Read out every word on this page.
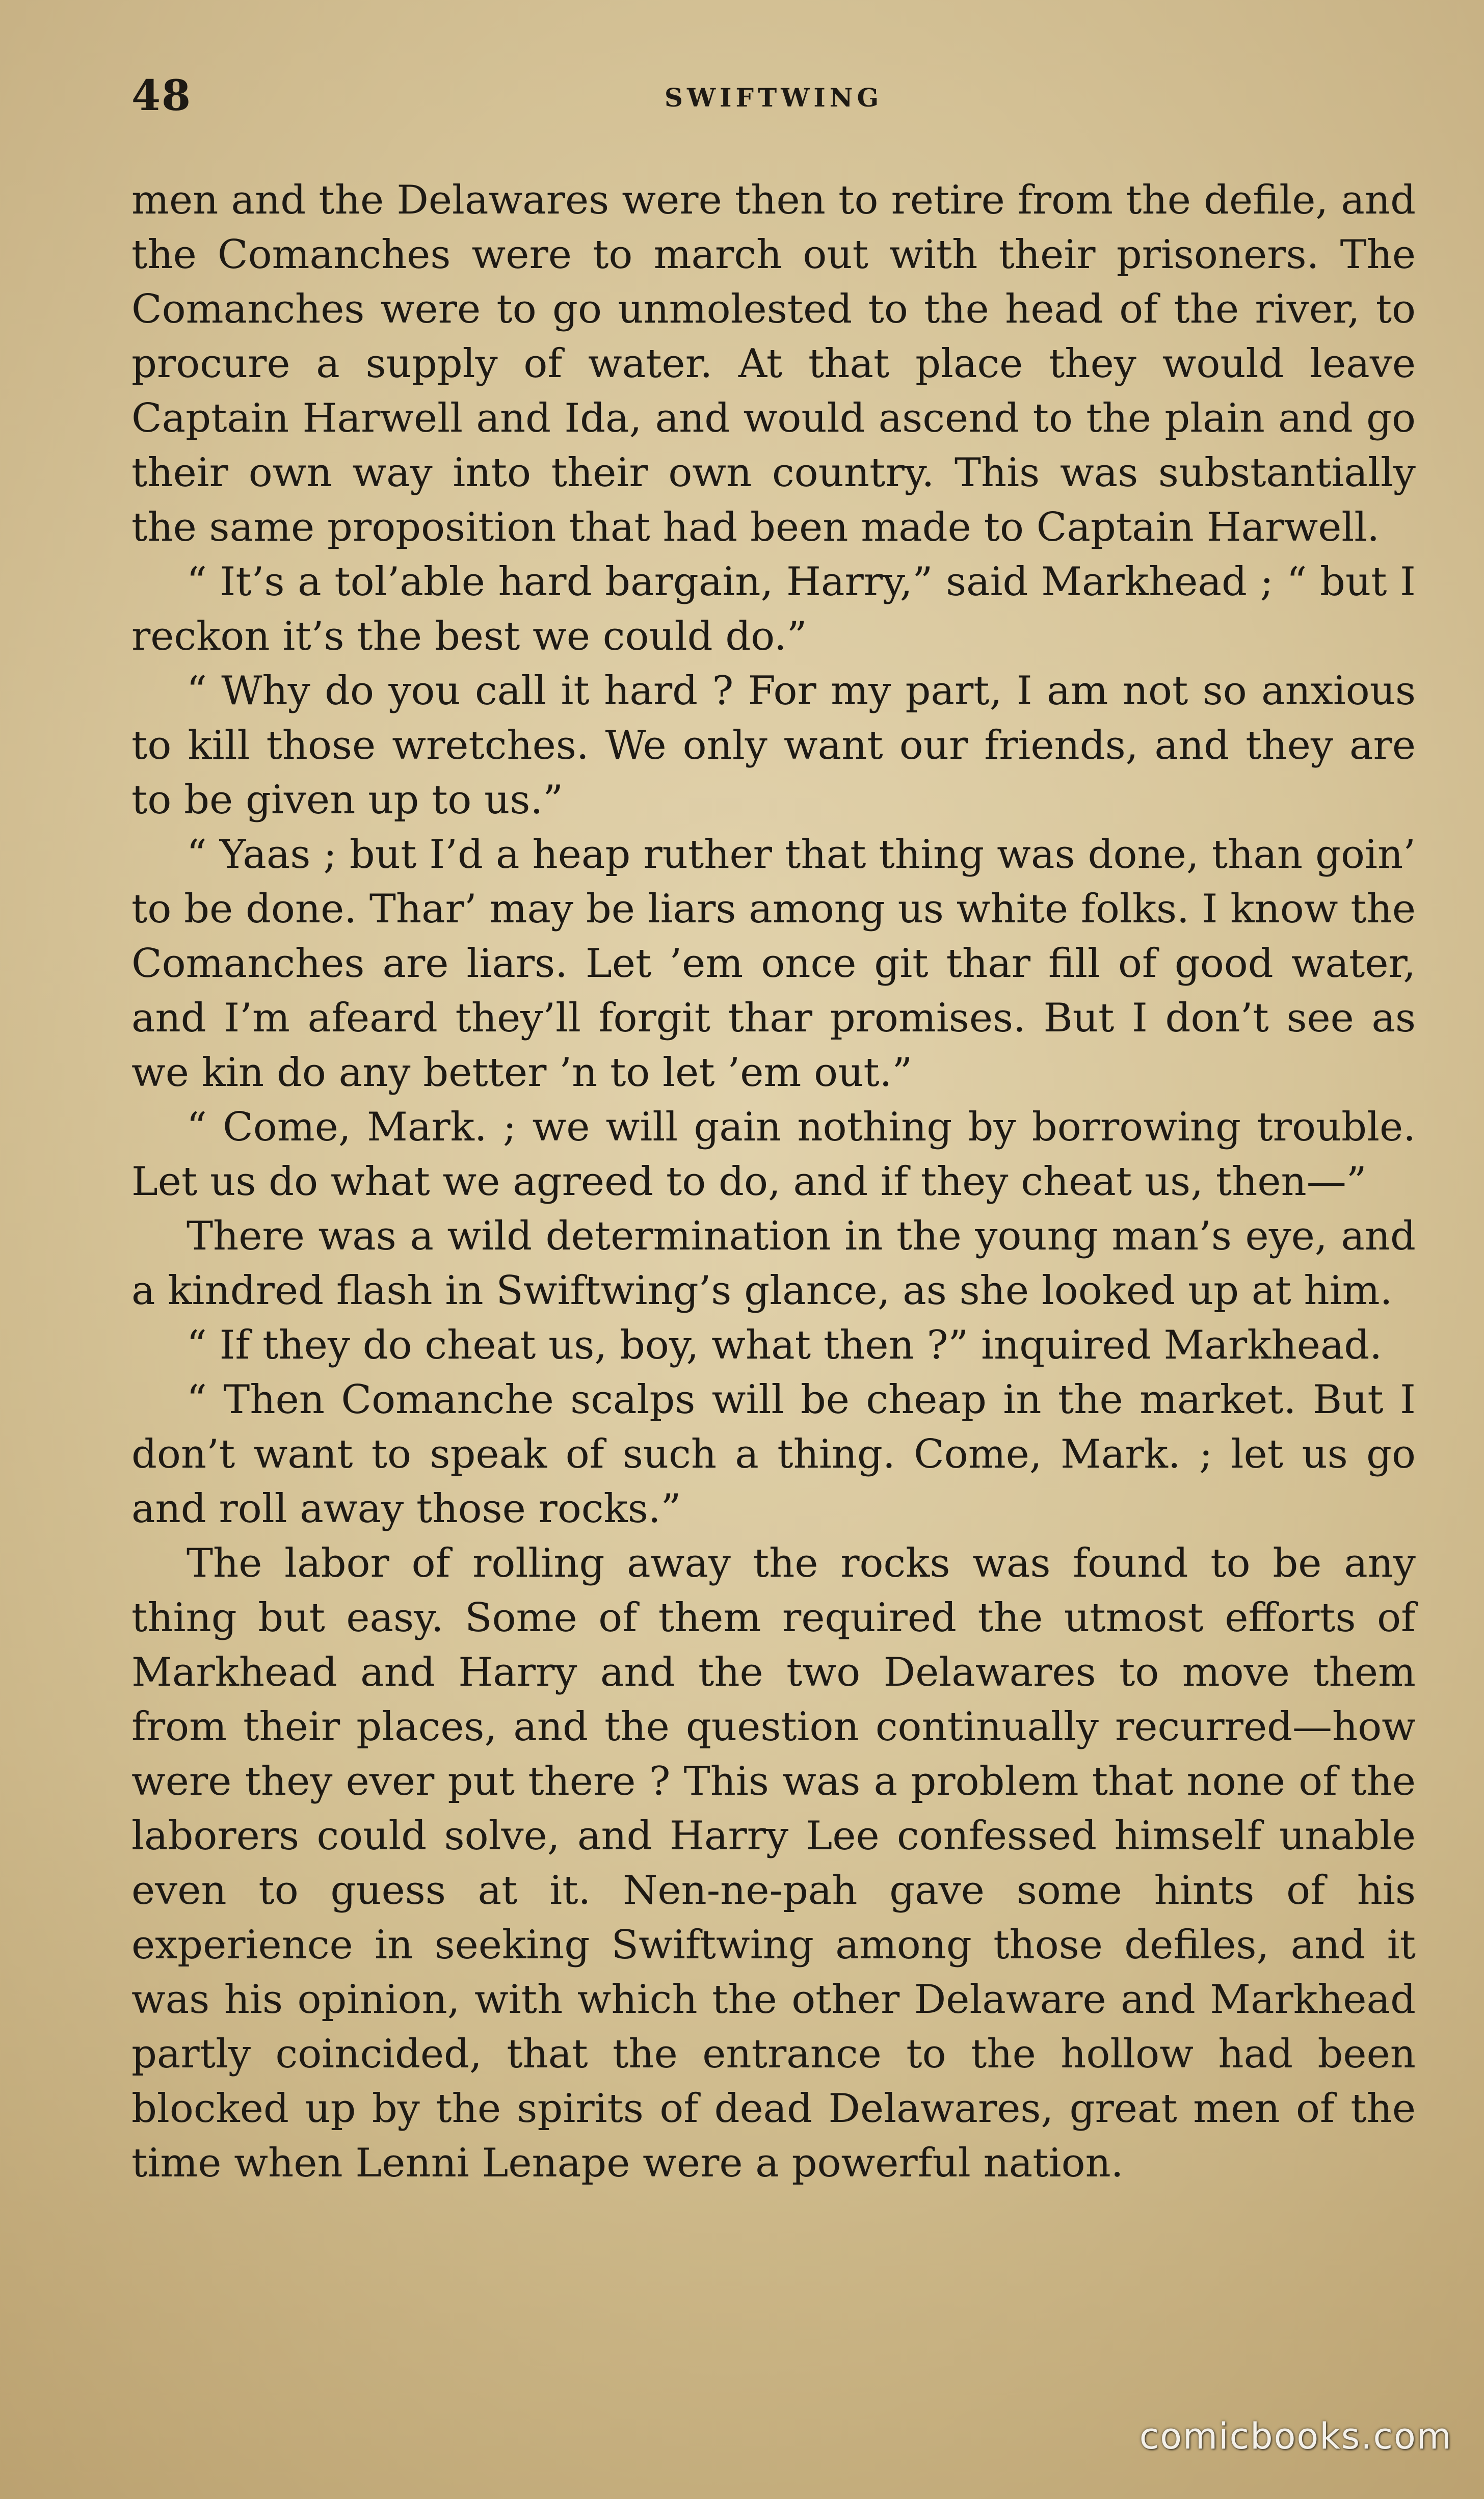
48	SWIFTWING

men and the Delawares were then to retire from the defile, and the Comanches were to march out with their prisoners. The Comanches were to go unmolested to the head of the river, to procure a supply of water. At that place they would leave Captain Harwell and Ida, and would ascend to the plain and go their own way into their own country. This was substantially the same proposition that had been made to Captain Harwell.

“ It’s a tol’able hard bargain, Harry,” said Markhead ; “ but I reckon it’s the best we could do.”

“ Why do you call it hard ? For my part, I am not so anxious to kill those wretches. We only want our friends, and they are to be given up to us.”

“ Yaas ; but I’d a heap ruther that thing was done, than goin’ to be done. Thar’ may be liars among us white folks. I know the Comanches are liars. Let ’em once git thar fill of good water, and I’m afeard they’ll forgit thar promises. But I don’t see as we kin do any better ’n to let ’em out.”

“ Come, Mark. ; we will gain nothing by borrowing trouble. Let us do what we agreed to do, and if they cheat us, then—”

There was a wild determination in the young man’s eye, and a kindred flash in Swiftwing’s glance, as she looked up at him.

“ If they do cheat us, boy, what then ?” inquired Markhead.

“ Then Comanche scalps will be cheap in the market. But I don’t want to speak of such a thing. Come, Mark. ; let us go and roll away those rocks.”

The labor of rolling away the rocks was found to be any thing but easy. Some of them required the utmost efforts of Markhead and Harry and the two Delawares to move them from their places, and the question continually recurred—how were they ever put there ? This was a problem that none of the laborers could solve, and Harry Lee confessed himself unable even to guess at it. Nen-ne-pah gave some hints of his experience in seeking Swiftwing among those defiles, and it was his opinion, with which the other Delaware and Markhead partly coincided, that the entrance to the hollow had been blocked up by the spirits of dead Delawares, great men of the time when Lenni Lenape were a powerful nation.

comicbooks.com
